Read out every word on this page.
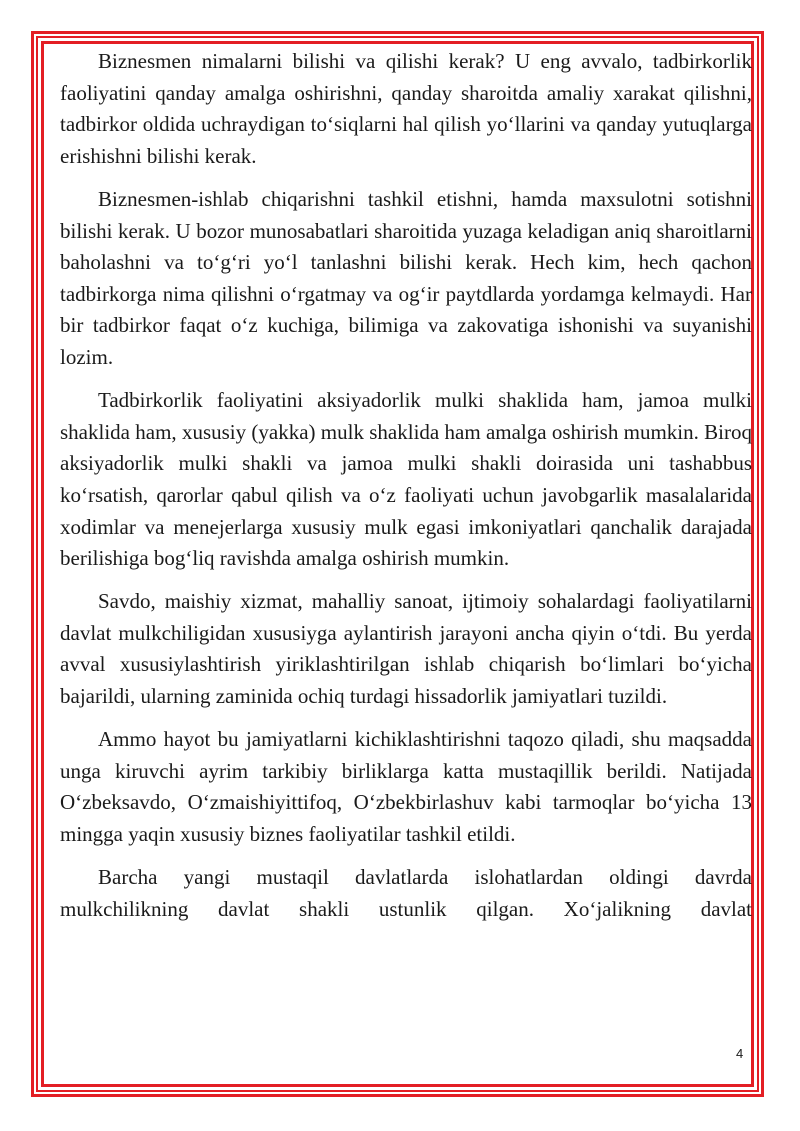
Biznesmen nimalarni bilishi va qilishi kerak? U eng avvalo, tadbirkorlik faoliyatini qanday amalga oshirishni, qanday sharoitda amaliy xarakat qilishni, tadbirkor oldida uchraydigan to‘siqlarni hal qilish yo‘llarini va qanday yutuqlarga erishishni bilishi kerak.

Biznesmen-ishlab chiqarishni tashkil etishni, hamda maxsulotni sotishni bilishi kerak. U bozor munosabatlari sharoitida yuzaga keladigan aniq sharoitlarni baholashni va to‘g‘ri yo‘l tanlashni bilishi kerak. Hech kim, hech qachon tadbirkorga nima qilishni o‘rgatmay va og‘ir paytdlarda yordamga kelmaydi. Har bir tadbirkor faqat o‘z kuchiga, bilimiga va zakovatiga ishonishi va suyanishi lozim.

Tadbirkorlik faoliyatini aksiyadorlik mulki shaklida ham, jamoa mulki shaklida ham, xususiy (yakka) mulk shaklida ham amalga oshirish mumkin. Biroq aksiyadorlik mulki shakli va jamoa mulki shakli doirasida uni tashabbus ko‘rsatish, qarorlar qabul qilish va o‘z faoliyati uchun javobgarlik masalalarida xodimlar va menejerlarga xususiy mulk egasi imkoniyatlari qanchalik darajada berilishiga bog‘liq ravishda amalga oshirish mumkin.

Savdo, maishiy xizmat, mahalliy sanoat, ijtimoiy sohalardagi faoliyatilarni davlat mulkchiligidan xususiyga aylantirish jarayoni ancha qiyin o‘tdi. Bu yerda avval xususiylashtirish yiriklashtirilgan ishlab chiqarish bo‘limlari bo‘yicha bajarildi, ularning zaminida ochiq turdagi hissadorlik jamiyatlari tuzildi.

Ammo hayot bu jamiyatlarni kichiklashtirishni taqozo qiladi, shu maqsadda unga kiruvchi ayrim tarkibiy birliklarga katta mustaqillik berildi. Natijada O‘zbeksavdo, O‘zmaishiyittifoq, O‘zbekbirlashuv kabi tarmoqlar bo‘yicha 13 mingga yaqin xususiy biznes faoliyatilar tashkil etildi.

Barcha yangi mustaqil davlatlarda islohatlardan oldingi davrda mulkchilikning davlat shakli ustunlik qilgan. Xo‘jalikning davlat

4
